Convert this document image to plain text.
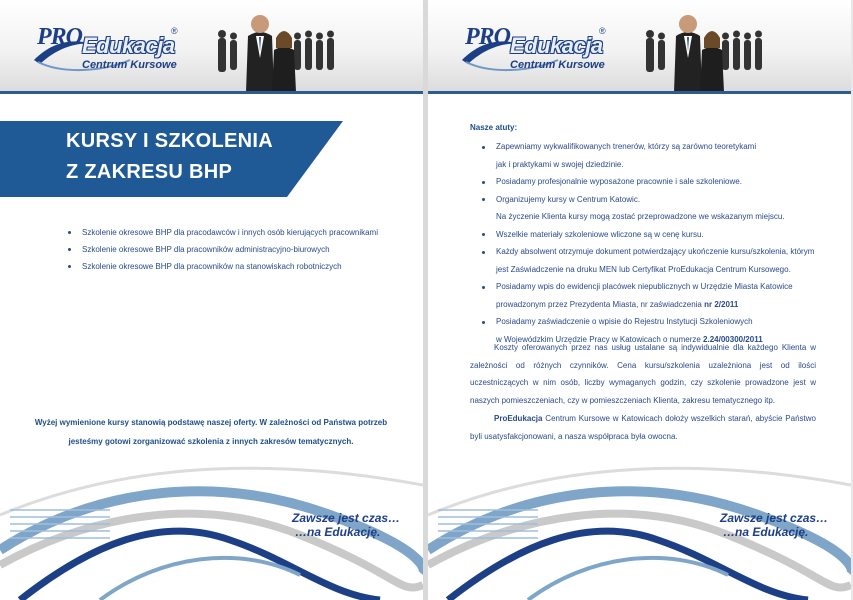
PRO Edukacja
Centrum Kursowe
®
KURSY I SZKOLENIA
Z ZAKRESU BHP
Szkolenie okresowe BHP dla pracodawców i innych osób kierujących pracownikami
Szkolenie okresowe BHP dla pracowników administracyjno-biurowych
Szkolenie okresowe BHP dla pracowników na stanowiskach robotniczych
Wyżej wymienione kursy stanowią podstawę naszej oferty. W zależności od Państwa potrzeb
jesteśmy gotowi zorganizować szkolenia z innych zakresów tematycznych.
Zawsze jest czas…
…na Edukację.
PRO Edukacja
Centrum Kursowe
®
Nasze atuty:
Zapewniamy wykwalifikowanych trenerów, którzy są zarówno teoretykami
jak i praktykami w swojej dziedzinie.
Posiadamy profesjonalnie wyposażone pracownie i sale szkoleniowe.
Organizujemy kursy w Centrum Katowic.
Na życzenie Klienta kursy mogą zostać przeprowadzone we wskazanym miejscu.
Wszelkie materiały szkoleniowe wliczone są w cenę kursu.
Każdy absolwent otrzymuje dokument potwierdzający ukończenie kursu/szkolenia, którym
jest Zaświadczenie na druku MEN lub Certyfikat ProEdukacja Centrum Kursowego.
Posiadamy wpis do ewidencji placówek niepublicznych w Urzędzie Miasta Katowice
prowadzonym przez Prezydenta Miasta, nr zaświadczenia nr 2/2011
Posiadamy zaświadczenie o wpisie do Rejestru Instytucji Szkoleniowych
w Wojewódzkim Urzędzie Pracy w Katowicach o numerze 2.24/00300/2011

Koszty oferowanych przez nas usług ustalane są indywidualnie dla każdego Klienta w zależności od różnych czynników. Cena kursu/szkolenia uzależniona jest od ilości uczestniczących w nim osób, liczby wymaganych godzin, czy szkolenie prowadzone jest w naszych pomieszczeniach, czy w pomieszczeniach Klienta, zakresu tematycznego itp.

ProEdukacja Centrum Kursowe w Katowicach dołoży wszelkich starań, abyście Państwo byli usatysfakcjonowani, a nasza współpraca była owocna.

Zawsze jest czas…
…na Edukację.
